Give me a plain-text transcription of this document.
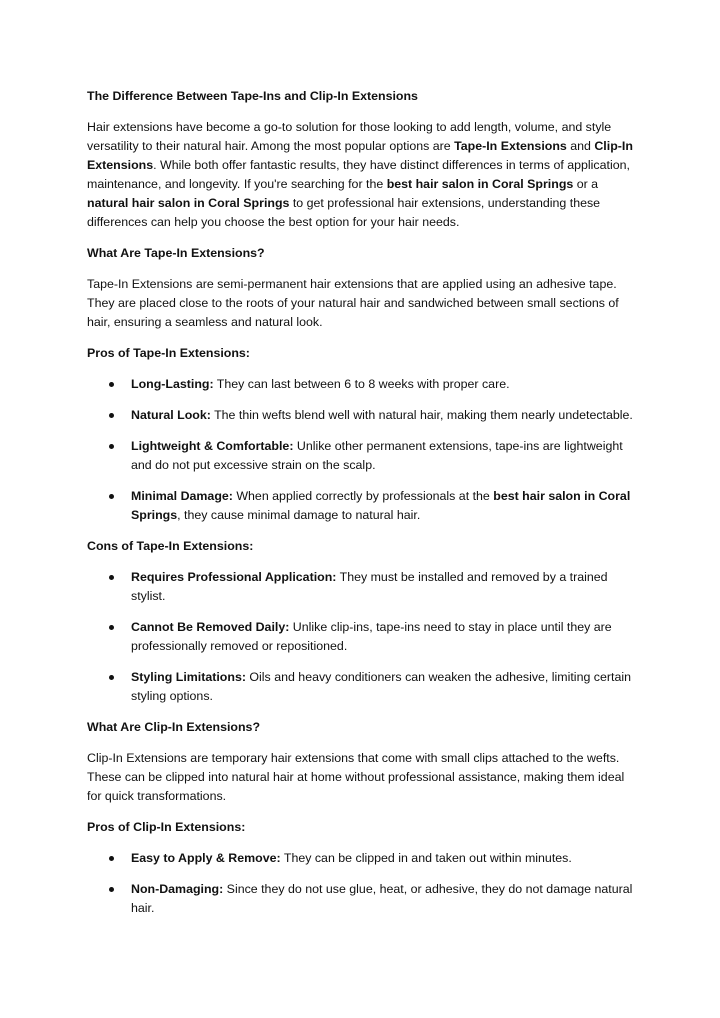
The Difference Between Tape-Ins and Clip-In Extensions

Hair extensions have become a go-to solution for those looking to add length, volume, and style versatility to their natural hair. Among the most popular options are Tape-In Extensions and Clip-In Extensions. While both offer fantastic results, they have distinct differences in terms of application, maintenance, and longevity. If you're searching for the best hair salon in Coral Springs or a natural hair salon in Coral Springs to get professional hair extensions, understanding these differences can help you choose the best option for your hair needs.

What Are Tape-In Extensions?

Tape-In Extensions are semi-permanent hair extensions that are applied using an adhesive tape. They are placed close to the roots of your natural hair and sandwiched between small sections of hair, ensuring a seamless and natural look.

Pros of Tape-In Extensions:

Long-Lasting: They can last between 6 to 8 weeks with proper care.
Natural Look: The thin wefts blend well with natural hair, making them nearly undetectable.
Lightweight & Comfortable: Unlike other permanent extensions, tape-ins are lightweight and do not put excessive strain on the scalp.
Minimal Damage: When applied correctly by professionals at the best hair salon in Coral Springs, they cause minimal damage to natural hair.

Cons of Tape-In Extensions:

Requires Professional Application: They must be installed and removed by a trained stylist.
Cannot Be Removed Daily: Unlike clip-ins, tape-ins need to stay in place until they are professionally removed or repositioned.
Styling Limitations: Oils and heavy conditioners can weaken the adhesive, limiting certain styling options.

What Are Clip-In Extensions?

Clip-In Extensions are temporary hair extensions that come with small clips attached to the wefts. These can be clipped into natural hair at home without professional assistance, making them ideal for quick transformations.

Pros of Clip-In Extensions:

Easy to Apply & Remove: They can be clipped in and taken out within minutes.
Non-Damaging: Since they do not use glue, heat, or adhesive, they do not damage natural hair.
